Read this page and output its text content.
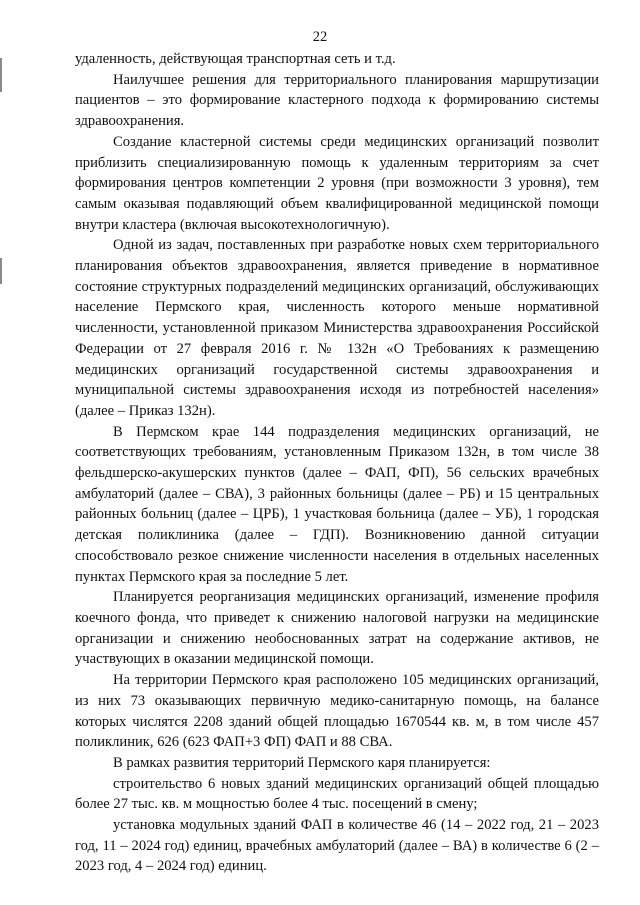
22

удаленность, действующая транспортная сеть и т.д.

Наилучшее решения для территориального планирования маршрутизации пациентов – это формирование кластерного подхода к формированию системы здравоохранения.

Создание кластерной системы среди медицинских организаций позволит приблизить специализированную помощь к удаленным территориям за счет формирования центров компетенции 2 уровня (при возможности 3 уровня), тем самым оказывая подавляющий объем квалифицированной медицинской помощи внутри кластера (включая высокотехнологичную).

Одной из задач, поставленных при разработке новых схем территориального планирования объектов здравоохранения, является приведение в нормативное состояние структурных подразделений медицинских организаций, обслуживающих население Пермского края, численность которого меньше нормативной численности, установленной приказом Министерства здравоохранения Российской Федерации от 27 февраля 2016 г. № 132н «О Требованиях к размещению медицинских организаций государственной системы здравоохранения и муниципальной системы здравоохранения исходя из потребностей населения» (далее – Приказ 132н).

В Пермском крае 144 подразделения медицинских организаций, не соответствующих требованиям, установленным Приказом 132н, в том числе 38 фельдшерско-акушерских пунктов (далее – ФАП, ФП), 56 сельских врачебных амбулаторий (далее – СВА), 3 районных больницы (далее – РБ) и 15 центральных районных больниц (далее – ЦРБ), 1 участковая больница (далее – УБ), 1 городская детская поликлиника (далее – ГДП). Возникновению данной ситуации способствовало резкое снижение численности населения в отдельных населенных пунктах Пермского края за последние 5 лет.

Планируется реорганизация медицинских организаций, изменение профиля коечного фонда, что приведет к снижению налоговой нагрузки на медицинские организации и снижению необоснованных затрат на содержание активов, не участвующих в оказании медицинской помощи.

На территории Пермского края расположено 105 медицинских организаций, из них 73 оказывающих первичную медико-санитарную помощь, на балансе которых числятся 2208 зданий общей площадью 1670544 кв. м, в том числе 457 поликлиник, 626 (623 ФАП+3 ФП) ФАП и 88 СВА.

В рамках развития территорий Пермского каря планируется:

строительство 6 новых зданий медицинских организаций общей площадью более 27 тыс. кв. м мощностью более 4 тыс. посещений в смену;

установка модульных зданий ФАП в количестве 46 (14 – 2022 год, 21 – 2023 год, 11 – 2024 год) единиц, врачебных амбулаторий (далее – ВА) в количестве 6 (2 – 2023 год, 4 – 2024 год) единиц.
